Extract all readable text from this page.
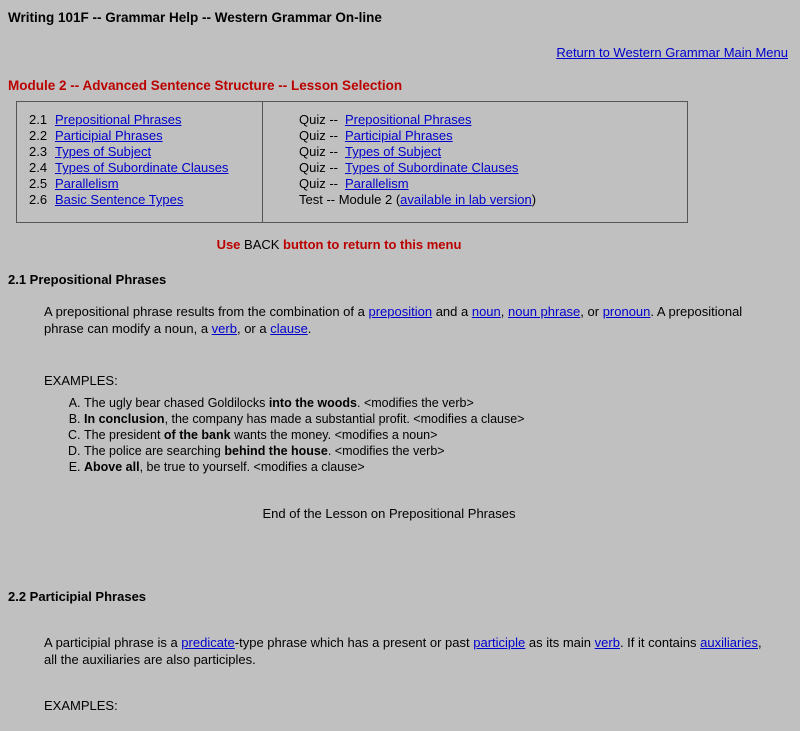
Writing 101F -- Grammar Help -- Western Grammar On-line
Return to Western Grammar Main Menu
Module 2 -- Advanced Sentence Structure -- Lesson Selection
2.1 Prepositional Phrases
2.2 Participial Phrases
2.3 Types of Subject
2.4 Types of Subordinate Clauses
2.5 Parallelism
2.6 Basic Sentence Types
Quiz -- Prepositional Phrases
Quiz -- Participial Phrases
Quiz -- Types of Subject
Quiz -- Types of Subordinate Clauses
Quiz -- Parallelism
Test -- Module 2 (available in lab version)
Use BACK button to return to this menu
2.1 Prepositional Phrases
A prepositional phrase results from the combination of a preposition and a noun, noun phrase, or pronoun. A prepositional phrase can modify a noun, a verb, or a clause.
EXAMPLES:
A. The ugly bear chased Goldilocks into the woods. <modifies the verb>
B. In conclusion, the company has made a substantial profit. <modifies a clause>
C. The president of the bank wants the money. <modifies a noun>
D. The police are searching behind the house. <modifies the verb>
E. Above all, be true to yourself. <modifies a clause>
End of the Lesson on Prepositional Phrases
2.2 Participial Phrases
A participial phrase is a predicate-type phrase which has a present or past participle as its main verb. If it contains auxiliaries, all the auxiliaries are also participles.
EXAMPLES:
